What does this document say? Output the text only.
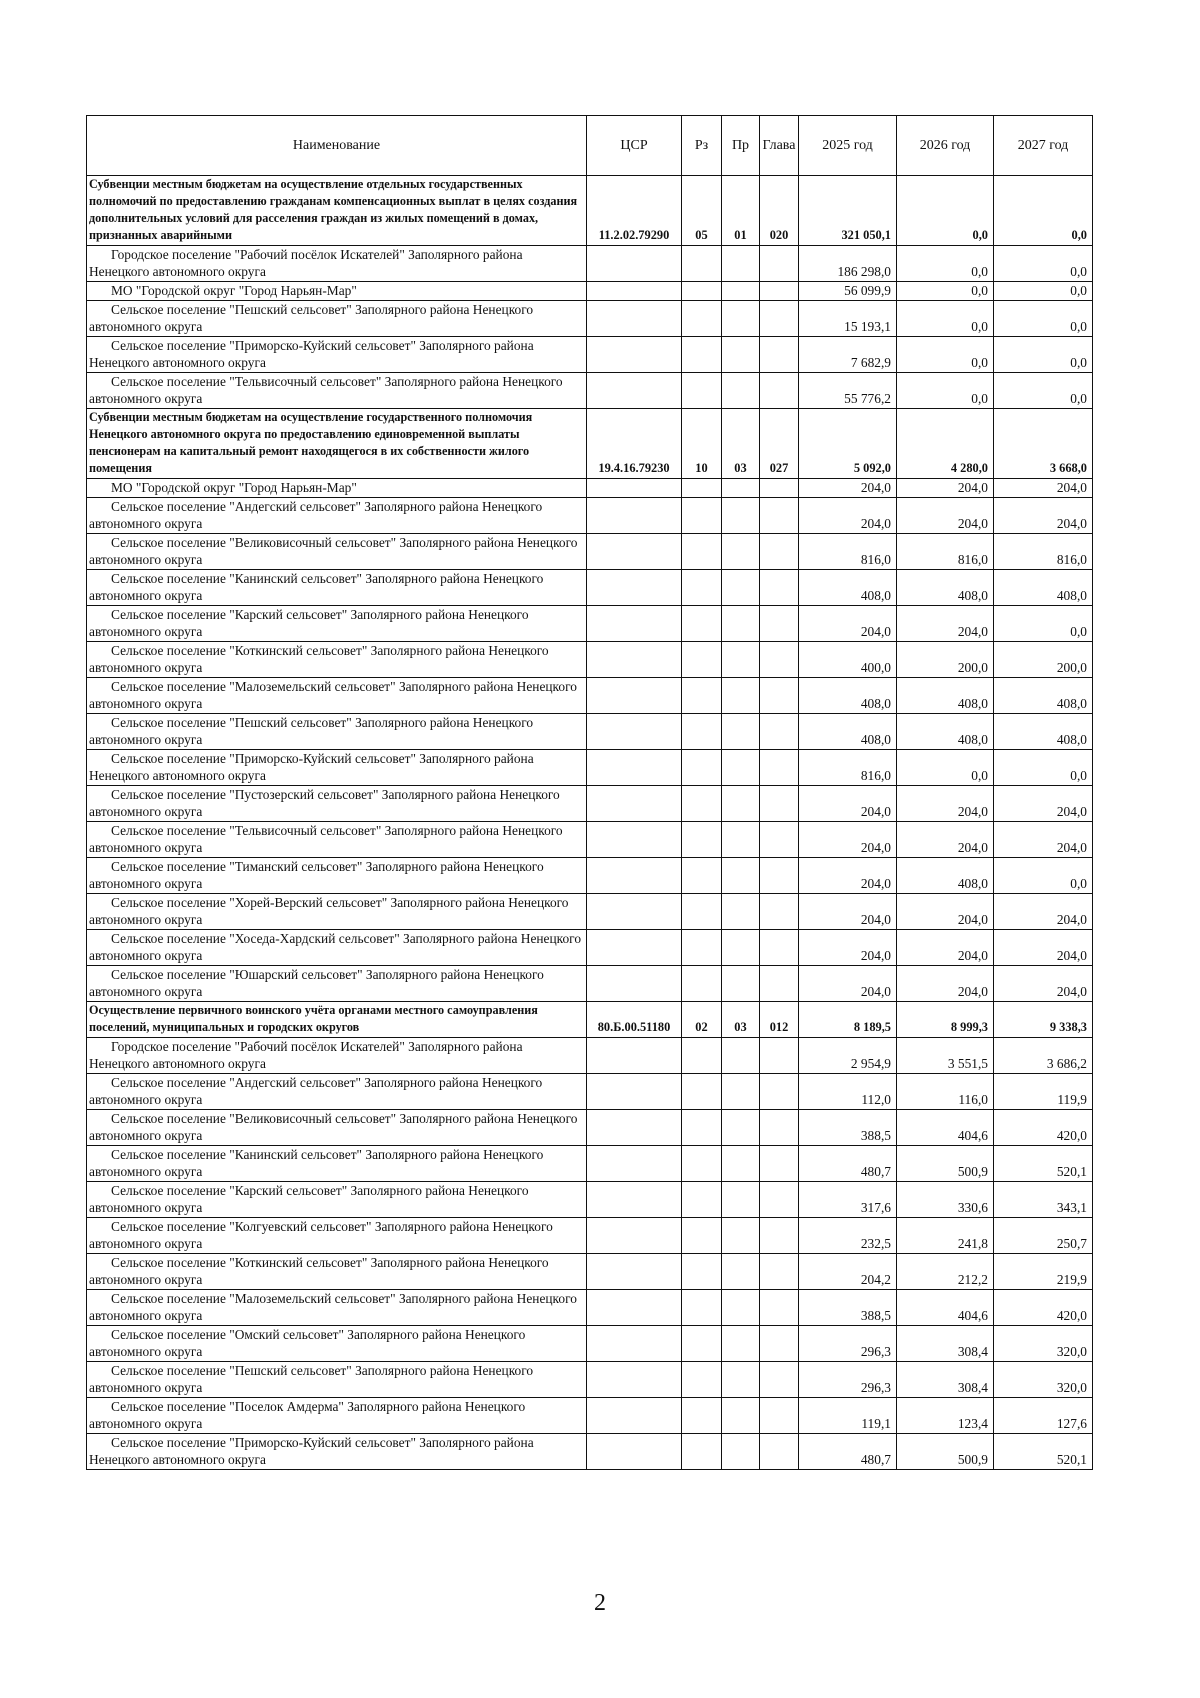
Наименование	ЦСР	Рз	Пр	Глава	2025 год	2026 год	2027 год
Субвенции местным бюджетам на осуществление отдельных государственных полномочий по предоставлению гражданам компенсационных выплат в целях создания дополнительных условий для расселения граждан из жилых помещений в домах, признанных аварийными	11.2.02.79290	05	01	020	321 050,1	0,0	0,0
Городское поселение "Рабочий посёлок Искателей" Заполярного района Ненецкого автономного округа					186 298,0	0,0	0,0
МО "Городской округ "Город Нарьян-Мар"					56 099,9	0,0	0,0
Сельское поселение "Пешский сельсовет" Заполярного района Ненецкого автономного округа					15 193,1	0,0	0,0
Сельское поселение "Приморско-Куйский сельсовет" Заполярного района Ненецкого автономного округа					7 682,9	0,0	0,0
Сельское поселение "Тельвисочный сельсовет" Заполярного района Ненецкого автономного округа					55 776,2	0,0	0,0
Субвенции местным бюджетам на осуществление государственного полномочия Ненецкого автономного округа по предоставлению единовременной выплаты пенсионерам на капитальный ремонт находящегося в их собственности жилого помещения	19.4.16.79230	10	03	027	5 092,0	4 280,0	3 668,0
МО "Городской округ "Город Нарьян-Мар"					204,0	204,0	204,0
Сельское поселение "Андегский сельсовет" Заполярного района Ненецкого автономного округа					204,0	204,0	204,0
Сельское поселение "Великовисочный сельсовет" Заполярного района Ненецкого автономного округа					816,0	816,0	816,0
Сельское поселение "Канинский сельсовет" Заполярного района Ненецкого автономного округа					408,0	408,0	408,0
Сельское поселение "Карский сельсовет" Заполярного района Ненецкого автономного округа					204,0	204,0	0,0
Сельское поселение "Коткинский сельсовет" Заполярного района Ненецкого автономного округа					400,0	200,0	200,0
Сельское поселение "Малоземельский сельсовет" Заполярного района Ненецкого автономного округа					408,0	408,0	408,0
Сельское поселение "Пешский сельсовет" Заполярного района Ненецкого автономного округа					408,0	408,0	408,0
Сельское поселение "Приморско-Куйский сельсовет" Заполярного района Ненецкого автономного округа					816,0	0,0	0,0
Сельское поселение "Пустозерский сельсовет" Заполярного района Ненецкого автономного округа					204,0	204,0	204,0
Сельское поселение "Тельвисочный сельсовет" Заполярного района Ненецкого автономного округа					204,0	204,0	204,0
Сельское поселение "Тиманский сельсовет" Заполярного района Ненецкого автономного округа					204,0	408,0	0,0
Сельское поселение "Хорей-Верский сельсовет" Заполярного района Ненецкого автономного округа					204,0	204,0	204,0
Сельское поселение "Хоседа-Хардский сельсовет" Заполярного района Ненецкого автономного округа					204,0	204,0	204,0
Сельское поселение "Юшарский сельсовет" Заполярного района Ненецкого автономного округа					204,0	204,0	204,0
Осуществление первичного воинского учёта органами местного самоуправления поселений, муниципальных и городских округов	80.Б.00.51180	02	03	012	8 189,5	8 999,3	9 338,3
Городское поселение "Рабочий посёлок Искателей" Заполярного района Ненецкого автономного округа					2 954,9	3 551,5	3 686,2
Сельское поселение "Андегский сельсовет" Заполярного района Ненецкого автономного округа					112,0	116,0	119,9
Сельское поселение "Великовисочный сельсовет" Заполярного района Ненецкого автономного округа					388,5	404,6	420,0
Сельское поселение "Канинский сельсовет" Заполярного района Ненецкого автономного округа					480,7	500,9	520,1
Сельское поселение "Карский сельсовет" Заполярного района Ненецкого автономного округа					317,6	330,6	343,1
Сельское поселение "Колгуевский сельсовет" Заполярного района Ненецкого автономного округа					232,5	241,8	250,7
Сельское поселение "Коткинский сельсовет" Заполярного района Ненецкого автономного округа					204,2	212,2	219,9
Сельское поселение "Малоземельский сельсовет" Заполярного района Ненецкого автономного округа					388,5	404,6	420,0
Сельское поселение "Омский сельсовет" Заполярного района Ненецкого автономного округа					296,3	308,4	320,0
Сельское поселение "Пешский сельсовет" Заполярного района Ненецкого автономного округа					296,3	308,4	320,0
Сельское поселение "Поселок Амдерма" Заполярного района Ненецкого автономного округа					119,1	123,4	127,6
Сельское поселение "Приморско-Куйский сельсовет" Заполярного района Ненецкого автономного округа					480,7	500,9	520,1
2
